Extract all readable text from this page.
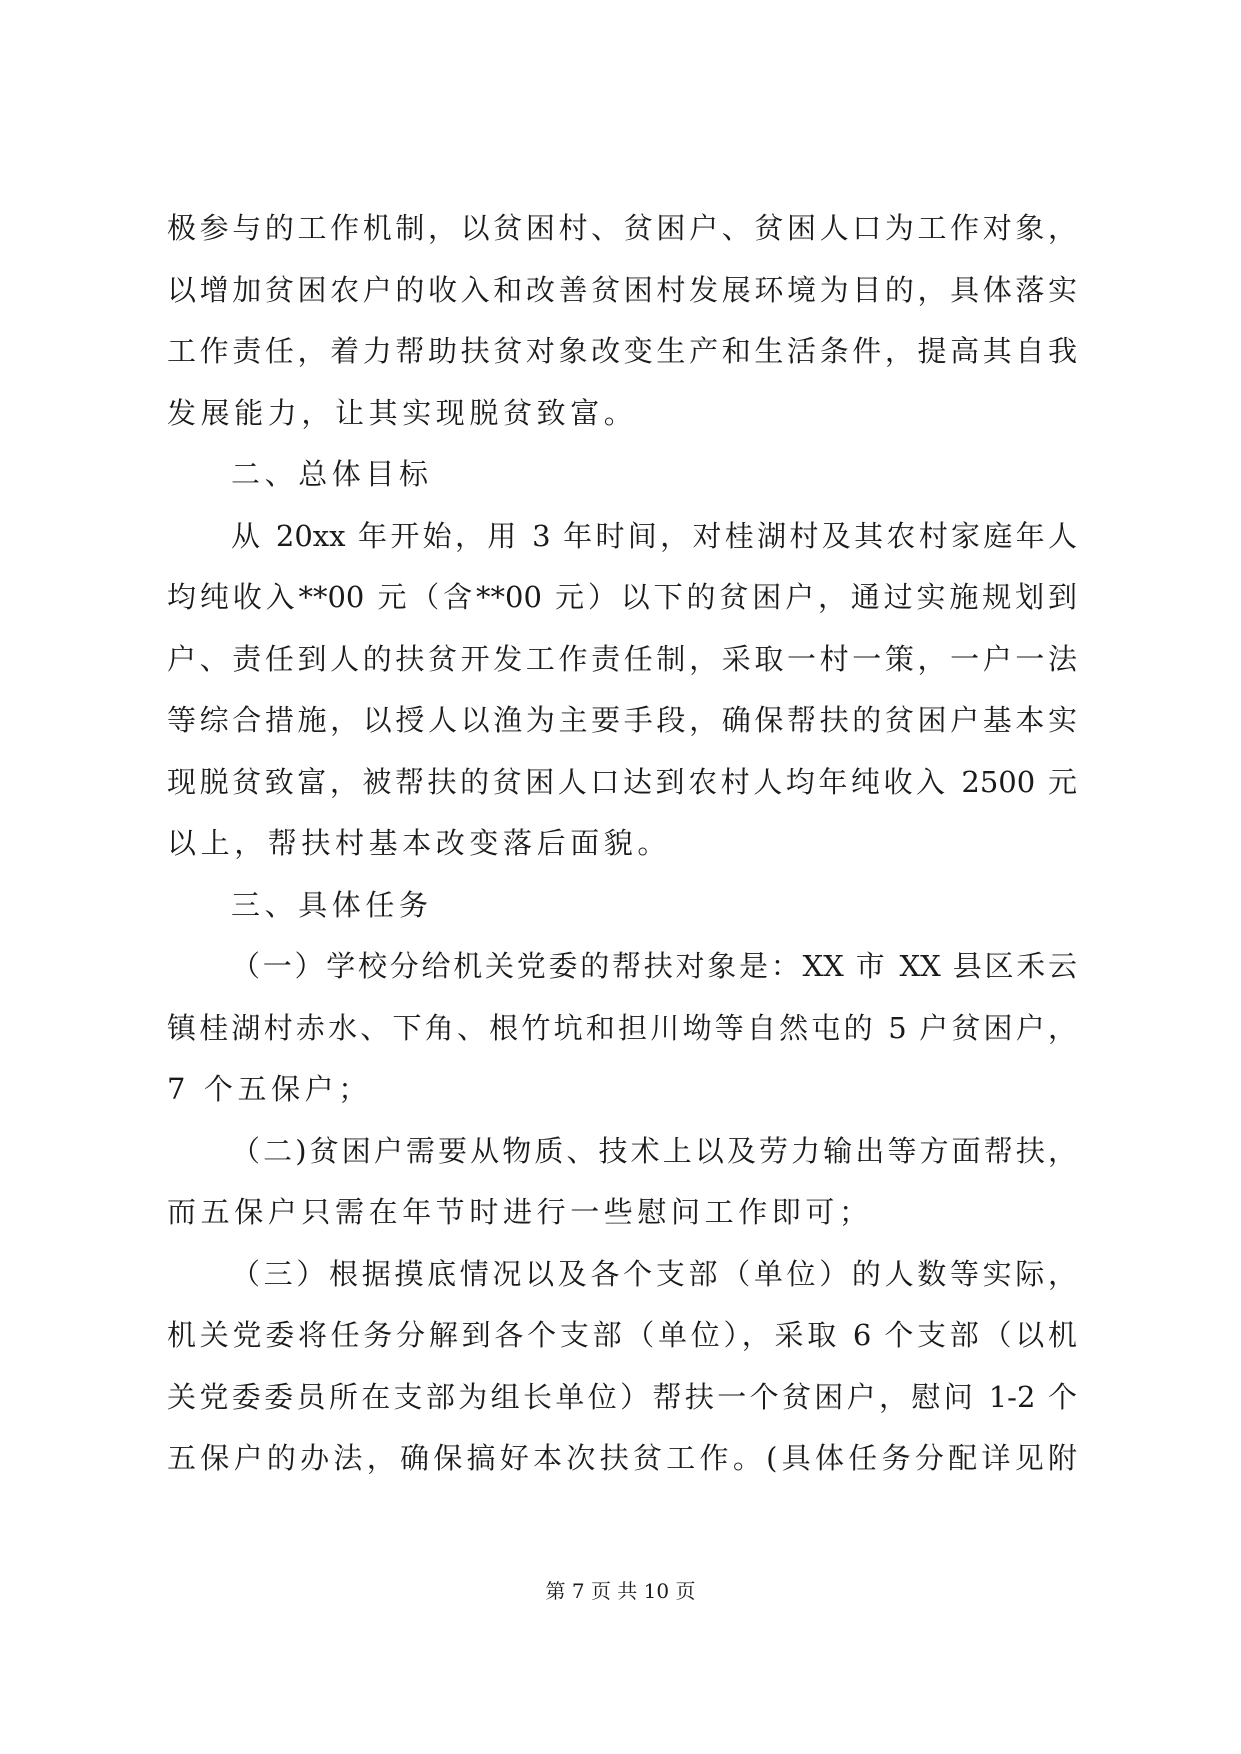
极参与的工作机制，以贫困村、贫困户、贫困人口为工作对象，
以增加贫困农户的收入和改善贫困村发展环境为目的，具体落实
工作责任，着力帮助扶贫对象改变生产和生活条件，提高其自我
发展能力，让其实现脱贫致富。
二、总体目标
从 20xx 年开始，用 3 年时间，对桂湖村及其农村家庭年人
均纯收入**00 元（含**00 元）以下的贫困户，通过实施规划到
户、责任到人的扶贫开发工作责任制，采取一村一策，一户一法
等综合措施，以授人以渔为主要手段，确保帮扶的贫困户基本实
现脱贫致富，被帮扶的贫困人口达到农村人均年纯收入 2500 元
以上，帮扶村基本改变落后面貌。
三、具体任务
（一）学校分给机关党委的帮扶对象是：XX 市 XX 县区禾云
镇桂湖村赤水、下角、根竹坑和担川坳等自然屯的 5 户贫困户，
7 个五保户；
（二)贫困户需要从物质、技术上以及劳力输出等方面帮扶，
而五保户只需在年节时进行一些慰问工作即可；
（三）根据摸底情况以及各个支部（单位）的人数等实际，
机关党委将任务分解到各个支部（单位），采取 6 个支部（以机
关党委委员所在支部为组长单位）帮扶一个贫困户，慰问 1-2 个
五保户的办法，确保搞好本次扶贫工作。(具体任务分配详见附
第 7 页 共 10 页
